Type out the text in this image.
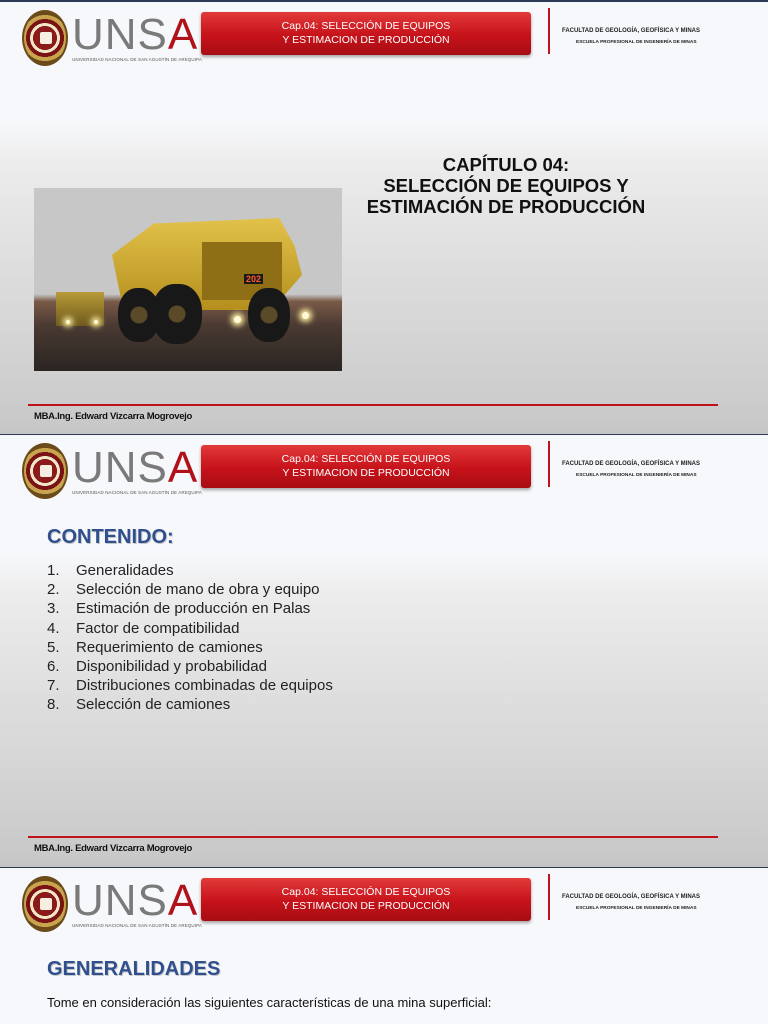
UNSA
UNIVERSIDAD NACIONAL DE SAN AGUSTÍN DE AREQUIPA
Cap.04: SELECCIÓN DE EQUIPOS
Y ESTIMACION DE PRODUCCIÓN
FACULTAD DE GEOLOGÍA, GEOFÍSICA Y MINAS
ESCUELA PROFESIONAL DE INGENIERÍA DE MINAS
CAPÍTULO 04:
SELECCIÓN DE EQUIPOS Y
ESTIMACIÓN DE PRODUCCIÓN
202
MBA.Ing. Edward Vizcarra Mogrovejo
UNSA
UNIVERSIDAD NACIONAL DE SAN AGUSTÍN DE AREQUIPA
Cap.04: SELECCIÓN DE EQUIPOS
Y ESTIMACION DE PRODUCCIÓN
FACULTAD DE GEOLOGÍA, GEOFÍSICA Y MINAS
ESCUELA PROFESIONAL DE INGENIERÍA DE MINAS
CONTENIDO:
1. Generalidades
2. Selección de mano de obra y equipo
3. Estimación de producción en Palas
4. Factor de compatibilidad
5. Requerimiento de camiones
6. Disponibilidad y probabilidad
7. Distribuciones combinadas de equipos
8. Selección de camiones
MBA.Ing. Edward Vizcarra Mogrovejo
UNSA
UNIVERSIDAD NACIONAL DE SAN AGUSTÍN DE AREQUIPA
Cap.04: SELECCIÓN DE EQUIPOS
Y ESTIMACION DE PRODUCCIÓN
FACULTAD DE GEOLOGÍA, GEOFÍSICA Y MINAS
ESCUELA PROFESIONAL DE INGENIERÍA DE MINAS
GENERALIDADES
Tome en consideración las siguientes características de una mina superficial:
